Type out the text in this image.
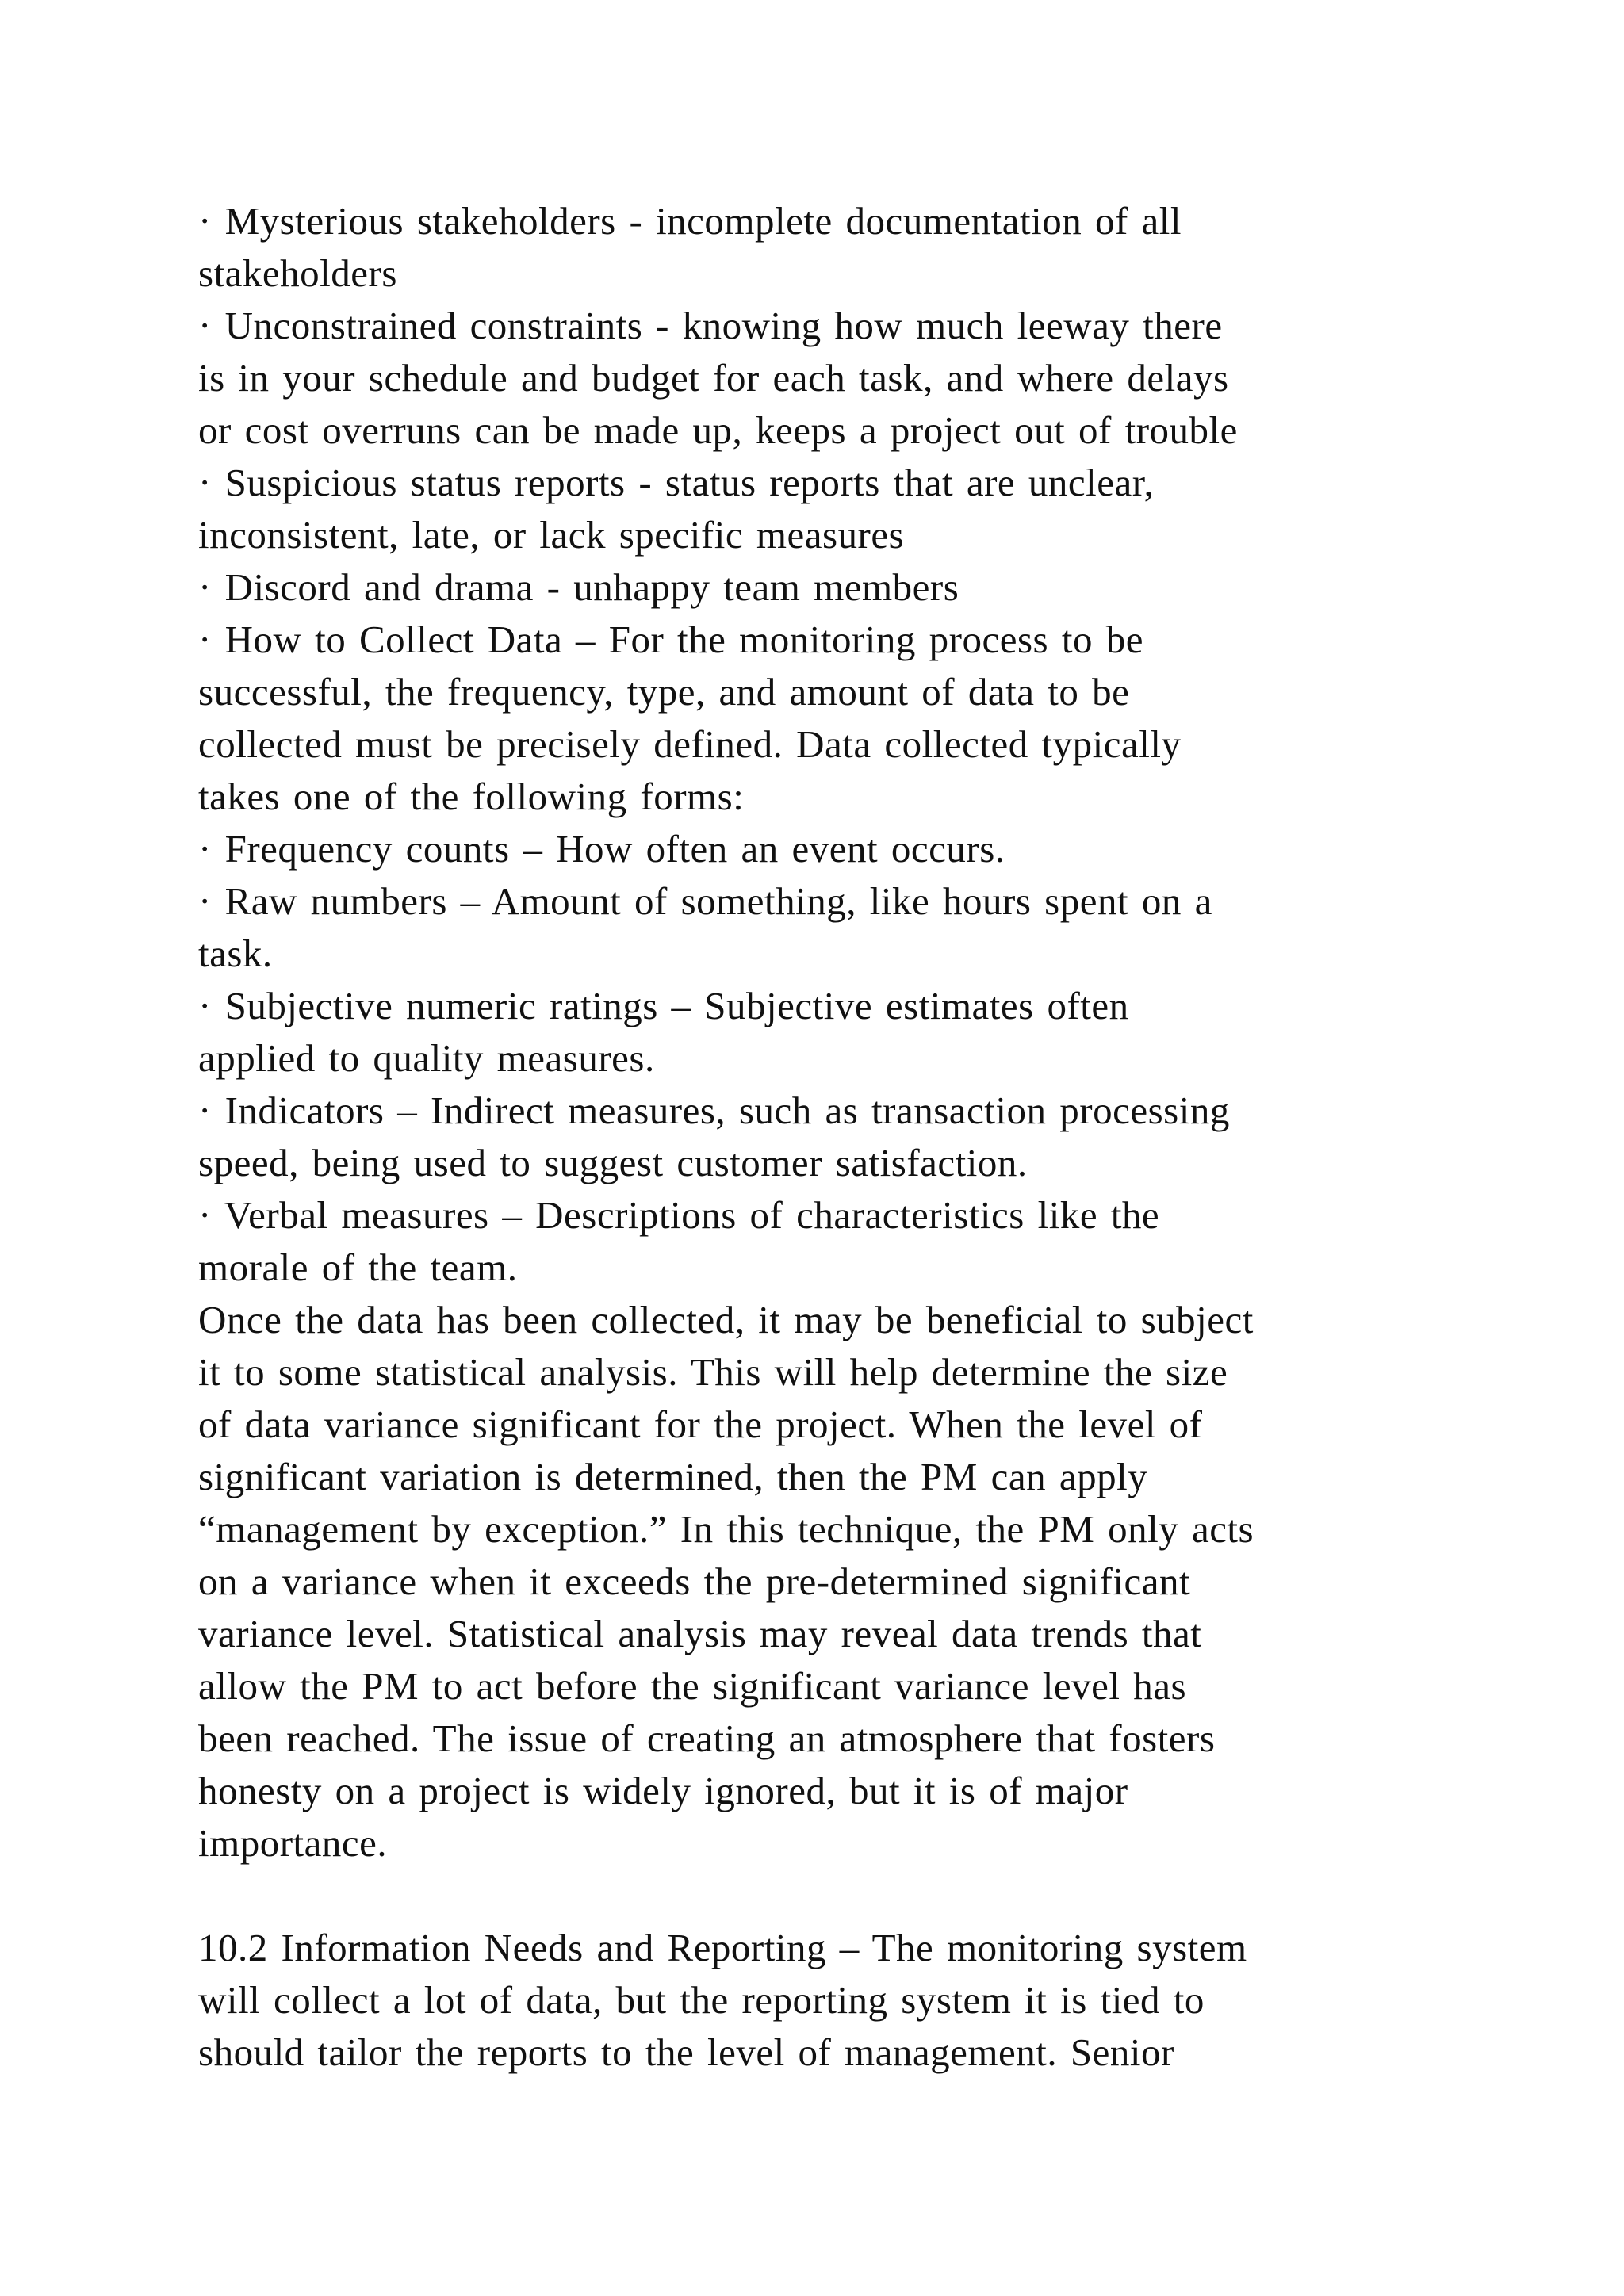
· Mysterious stakeholders - incomplete documentation of all
stakeholders
· Unconstrained constraints - knowing how much leeway there
is in your schedule and budget for each task, and where delays
or cost overruns can be made up, keeps a project out of trouble
· Suspicious status reports - status reports that are unclear,
inconsistent, late, or lack specific measures
· Discord and drama - unhappy team members
· How to Collect Data – For the monitoring process to be
successful, the frequency, type, and amount of data to be
collected must be precisely defined. Data collected typically
takes one of the following forms:
· Frequency counts – How often an event occurs.
· Raw numbers – Amount of something, like hours spent on a
task.
· Subjective numeric ratings – Subjective estimates often
applied to quality measures.
· Indicators – Indirect measures, such as transaction processing
speed, being used to suggest customer satisfaction.
· Verbal measures – Descriptions of characteristics like the
morale of the team.
Once the data has been collected, it may be beneficial to subject
it to some statistical analysis. This will help determine the size
of data variance significant for the project. When the level of
significant variation is determined, then the PM can apply
“management by exception.” In this technique, the PM only acts
on a variance when it exceeds the pre-determined significant
variance level. Statistical analysis may reveal data trends that
allow the PM to act before the significant variance level has
been reached. The issue of creating an atmosphere that fosters
honesty on a project is widely ignored, but it is of major
importance.
10.2 Information Needs and Reporting – The monitoring system
will collect a lot of data, but the reporting system it is tied to
should tailor the reports to the level of management. Senior
